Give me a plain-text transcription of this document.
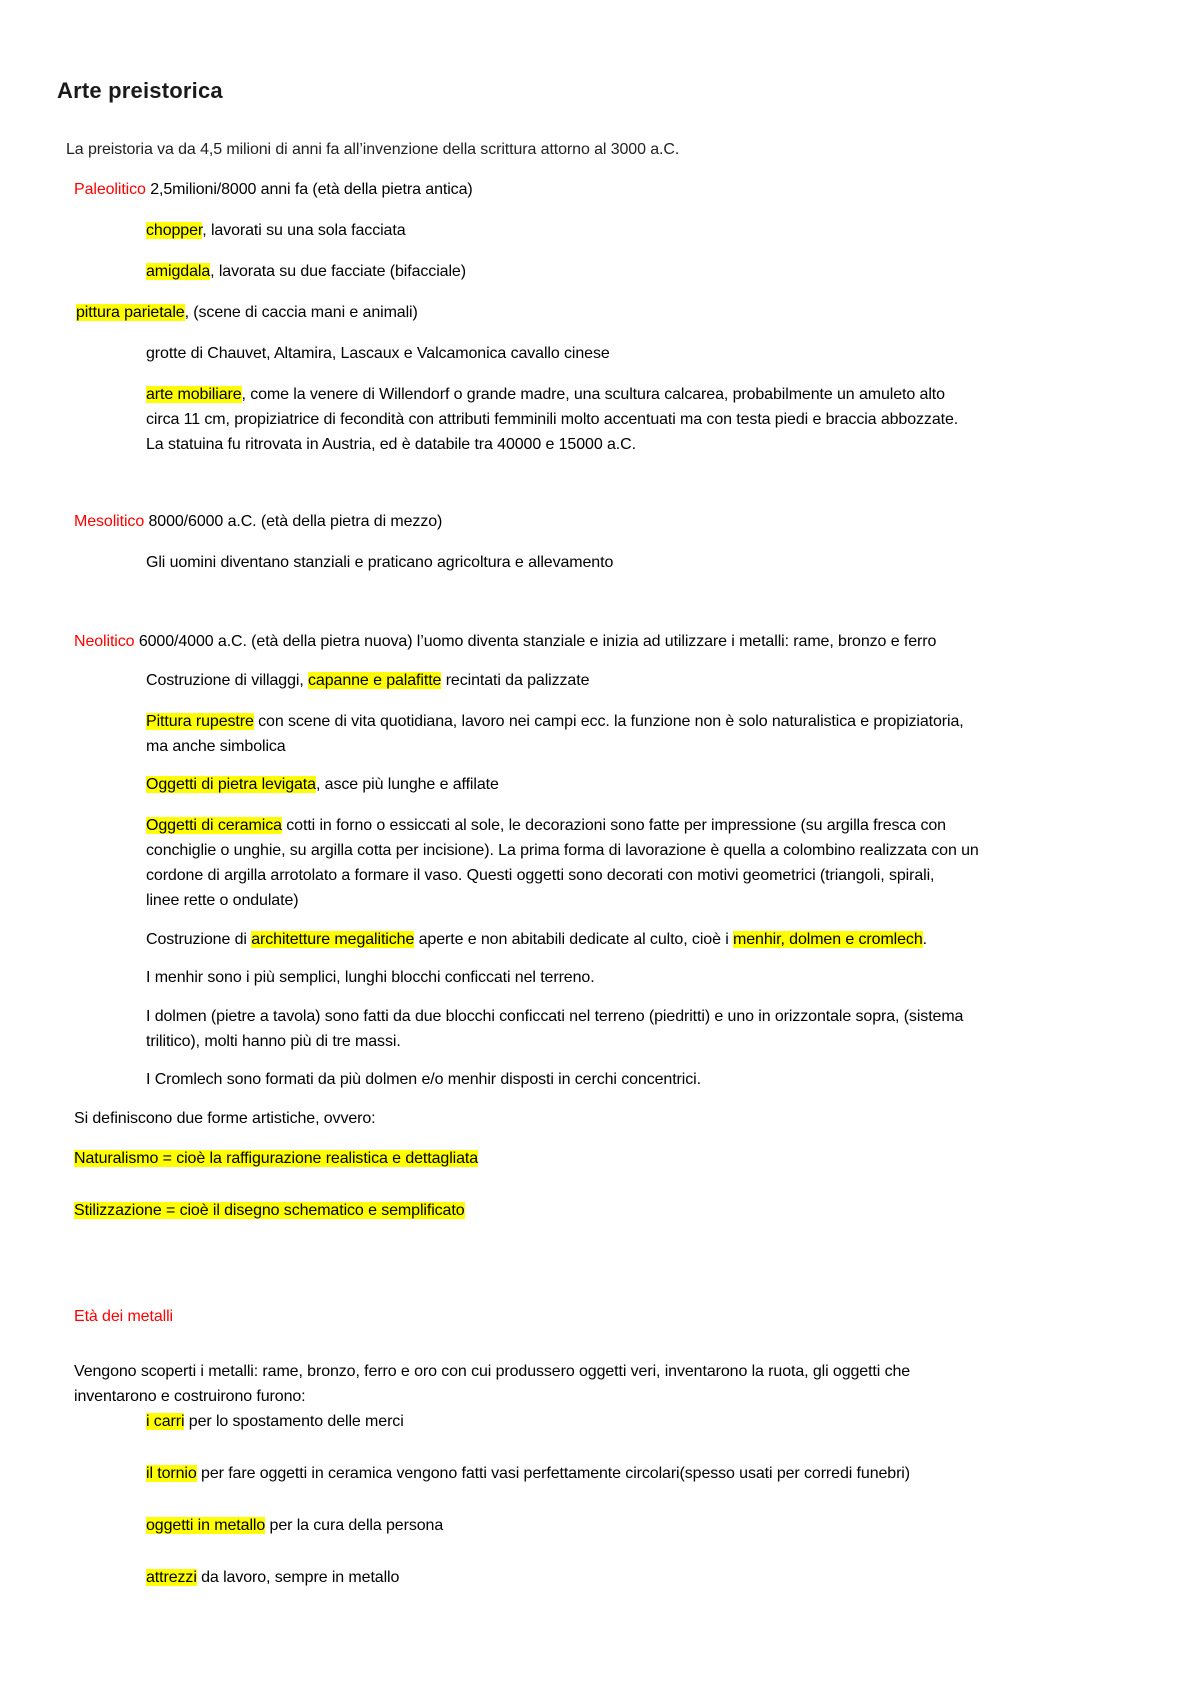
Arte preistorica
La preistoria va da 4,5 milioni di anni fa all’invenzione della scrittura attorno al 3000 a.C.
Paleolitico 2,5milioni/8000 anni fa (età della pietra antica)
chopper, lavorati su una sola facciata
amigdala, lavorata su due facciate (bifacciale)
pittura parietale, (scene di caccia mani e animali)
grotte di Chauvet, Altamira, Lascaux e Valcamonica cavallo cinese
arte mobiliare, come la venere di Willendorf o grande madre, una scultura calcarea, probabilmente un amuleto alto
circa 11 cm, propiziatrice di fecondità con attributi femminili molto accentuati ma con testa piedi e braccia abbozzate.
La statuina fu ritrovata in Austria, ed è databile tra 40000 e 15000 a.C.
Mesolitico 8000/6000 a.C. (età della pietra di mezzo)
Gli uomini diventano stanziali e praticano agricoltura e allevamento
Neolitico 6000/4000 a.C. (età della pietra nuova) l’uomo diventa stanziale e inizia ad utilizzare i metalli: rame, bronzo e ferro
Costruzione di villaggi, capanne e palafitte recintati da palizzate
Pittura rupestre con scene di vita quotidiana, lavoro nei campi ecc. la funzione non è solo naturalistica e propiziatoria,
ma anche simbolica
Oggetti di pietra levigata, asce più lunghe e affilate
Oggetti di ceramica cotti in forno o essiccati al sole, le decorazioni sono fatte per impressione (su argilla fresca con
conchiglie o unghie, su argilla cotta per incisione). La prima forma di lavorazione è quella a colombino realizzata con un
cordone di argilla arrotolato a formare il vaso. Questi oggetti sono decorati con motivi geometrici (triangoli, spirali,
linee rette o ondulate)
Costruzione di architetture megalitiche aperte e non abitabili dedicate al culto, cioè i menhir, dolmen e cromlech.
I menhir sono i più semplici, lunghi blocchi conficcati nel terreno.
I dolmen (pietre a tavola) sono fatti da due blocchi conficcati nel terreno (piedritti) e uno in orizzontale sopra, (sistema
trilitico), molti hanno più di tre massi.
I Cromlech sono formati da più dolmen e/o menhir disposti in cerchi concentrici.
Si definiscono due forme artistiche, ovvero:
Naturalismo = cioè la raffigurazione realistica e dettagliata
Stilizzazione = cioè il disegno schematico e semplificato
Età dei metalli
Vengono scoperti i metalli: rame, bronzo, ferro e oro con cui produssero oggetti veri, inventarono la ruota, gli oggetti che
inventarono e costruirono furono:
i carri per lo spostamento delle merci
il tornio per fare oggetti in ceramica vengono fatti vasi perfettamente circolari(spesso usati per corredi funebri)
oggetti in metallo per la cura della persona
attrezzi da lavoro, sempre in metallo
